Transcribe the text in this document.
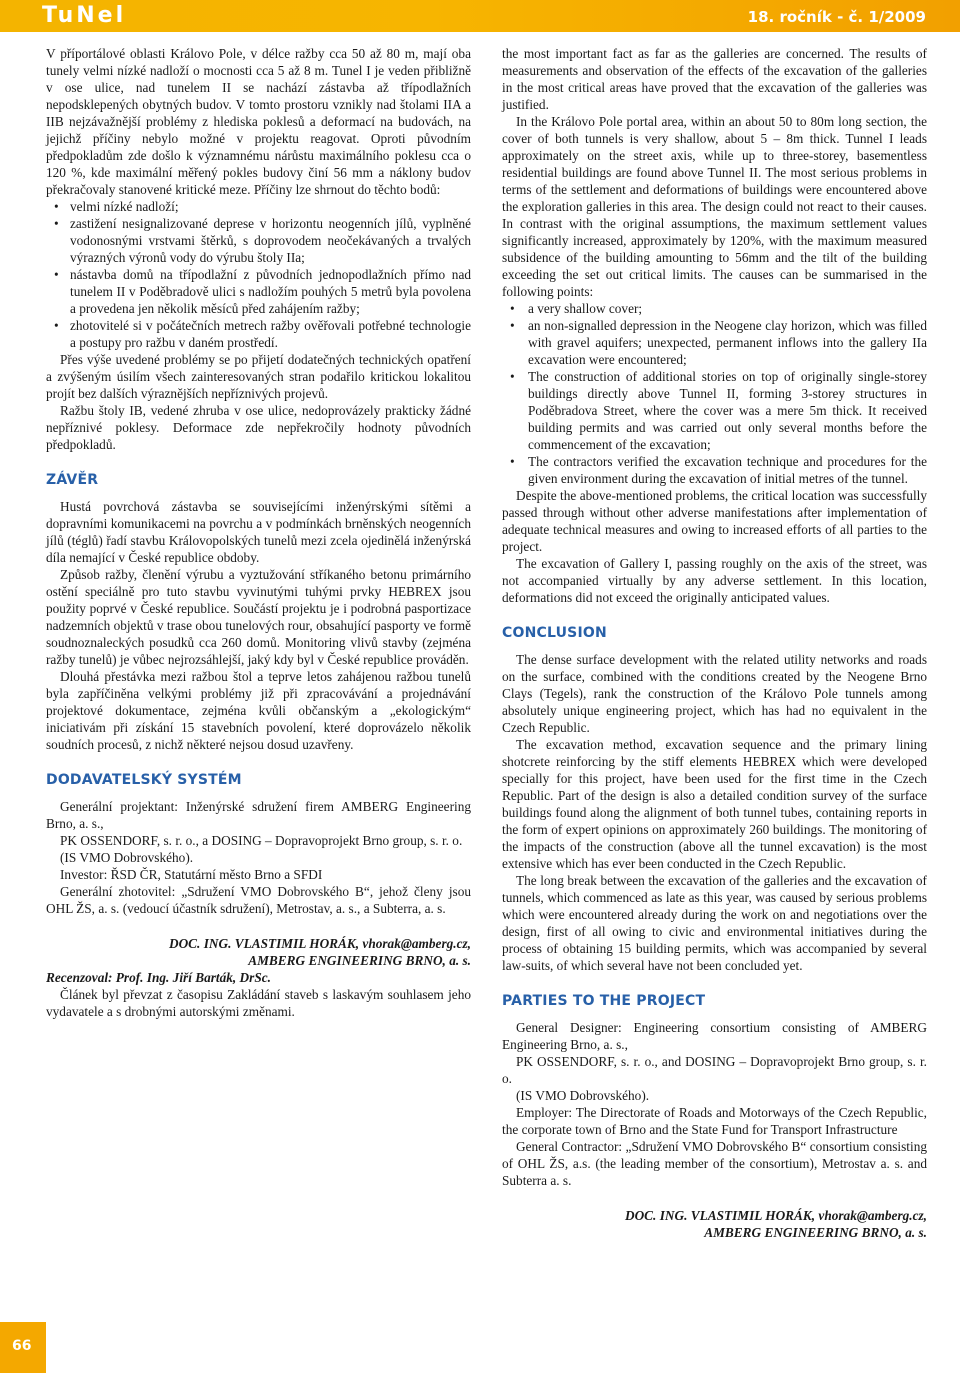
TuNel	18. ročník - č. 1/2009

V příportálové oblasti Královo Pole, v délce ražby cca 50 až 80 m, mají oba tunely velmi nízké nadloží o mocnosti cca 5 až 8 m. Tunel I je veden přibližně v ose ulice, nad tunelem II se nachází zástavba až třípodlažních nepodsklepených obytných budov. V tomto prostoru vznikly nad štolami IIA a IIB nejzávažnější problémy z hlediska poklesů a deformací na budovách, na jejichž příčiny nebylo možné v projektu reagovat. Oproti původním předpokladům zde došlo k významnému nárůstu maximálního poklesu cca o 120 %, kde maximální měřený pokles budovy činí 56 mm a náklony budov překračovaly stanovené kritické meze. Příčiny lze shrnout do těchto bodů:

• velmi nízké nadloží;
• zastižení nesignalizované deprese v horizontu neogenních jílů, vyplněné vodonosnými vrstvami štěrků, s doprovodem neočekávaných a trvalých výrazných výronů vody do výrubu štoly IIa;
• nástavba domů na třípodlažní z původních jednopodlažních přímo nad tunelem II v Poděbradově ulici s nadložím pouhých 5 metrů byla povolena a provedena jen několik měsíců před zahájením ražby;
• zhotovitelé si v počátečních metrech ražby ověřovali potřebné technologie a postupy pro ražbu v daném prostředí.

Přes výše uvedené problémy se po přijetí dodatečných technických opatření a zvýšeným úsilím všech zainteresovaných stran podařilo kritickou lokalitou projít bez dalších výraznějších nepříznivých projevů.

Ražbu štoly IB, vedené zhruba v ose ulice, nedoprovázely prakticky žádné nepříznivé poklesy. Deformace zde nepřekročily hodnoty původních předpokladů.

ZÁVĚR

Hustá povrchová zástavba se souvisejícími inženýrskými sítěmi a dopravními komunikacemi na povrchu a v podmínkách brněnských neogenních jílů (téglů) řadí stavbu Královopolských tunelů mezi zcela ojedinělá inženýrská díla nemající v České republice obdoby.

Způsob ražby, členění výrubu a vyztužování stříkaného betonu primárního ostění speciálně pro tuto stavbu vyvinutými tuhými prvky HEBREX jsou použity poprvé v České republice. Součástí projektu je i podrobná pasportizace nadzemních objektů v trase obou tunelových rour, obsahující pasporty ve formě soudnoznaleckých posudků cca 260 domů. Monitoring vlivů stavby (zejména ražby tunelů) je vůbec nejrozsáhlejší, jaký kdy byl v České republice prováděn.

Dlouhá přestávka mezi ražbou štol a teprve letos zahájenou ražbou tunelů byla zapříčiněna velkými problémy již při zpracovávání a projednávání projektové dokumentace, zejména kvůli občanským a „ekologickým“ iniciativám při získání 15 stavebních povolení, které doprovázelo několik soudních procesů, z nichž některé nejsou dosud uzavřeny.

DODAVATELSKÝ SYSTÉM

Generální projektant: Inženýrské sdružení firem AMBERG Engineering Brno, a. s.,

PK OSSENDORF, s. r. o., a DOSING – Dopravoprojekt Brno group, s. r. o.

(IS VMO Dobrovského).

Investor: ŘSD ČR, Statutární město Brno a SFDI

Generální zhotovitel: „Sdružení VMO Dobrovského B“, jehož členy jsou OHL ŽS, a. s. (vedoucí účastník sdružení), Metrostav, a. s., a Subterra, a. s.

DOC. ING. VLASTIMIL HORÁK, vhorak@amberg.cz,
AMBERG ENGINEERING BRNO, a. s.

Recenzoval: Prof. Ing. Jiří Barták, DrSc.

Článek byl převzat z časopisu Zakládání staveb s laskavým souhlasem jeho vydavatele a s drobnými autorskými změnami.

the most important fact as far as the galleries are concerned. The results of measurements and observation of the effects of the excavation of the galleries in the most critical areas have proved that the excavation of the galleries was justified.

In the Královo Pole portal area, within an about 50 to 80m long section, the cover of both tunnels is very shallow, about 5 – 8m thick. Tunnel I leads approximately on the street axis, while up to three-storey, basementless residential buildings are found above Tunnel II. The most serious problems in terms of the settlement and deformations of buildings were encountered above the exploration galleries in this area. The design could not react to their causes. In contrast with the original assumptions, the maximum settlement values significantly increased, approximately by 120%, with the maximum measured subsidence of the building amounting to 56mm and the tilt of the building exceeding the set out critical limits. The causes can be summarised in the following points:

• a very shallow cover;
• an non-signalled depression in the Neogene clay horizon, which was filled with gravel aquifers; unexpected, permanent inflows into the gallery IIa excavation were encountered;
• The construction of additional stories on top of originally single-storey buildings directly above Tunnel II, forming 3-storey structures in Poděbradova Street, where the cover was a mere 5m thick. It received building permits and was carried out only several months before the commencement of the excavation;
• The contractors verified the excavation technique and procedures for the given environment during the excavation of initial metres of the tunnel.

Despite the above-mentioned problems, the critical location was successfully passed through without other adverse manifestations after implementation of adequate technical measures and owing to increased efforts of all parties to the project.

The excavation of Gallery I, passing roughly on the axis of the street, was not accompanied virtually by any adverse settlement. In this location, deformations did not exceed the originally anticipated values.

CONCLUSION

The dense surface development with the related utility networks and roads on the surface, combined with the conditions created by the Neogene Brno Clays (Tegels), rank the construction of the Královo Pole tunnels among absolutely unique engineering project, which has had no equivalent in the Czech Republic.

The excavation method, excavation sequence and the primary lining shotcrete reinforcing by the stiff elements HEBREX which were developed specially for this project, have been used for the first time in the Czech Republic. Part of the design is also a detailed condition survey of the surface buildings found along the alignment of both tunnel tubes, containing reports in the form of expert opinions on approximately 260 buildings. The monitoring of the impacts of the construction (above all the tunnel excavation) is the most extensive which has ever been conducted in the Czech Republic.

The long break between the excavation of the galleries and the excavation of tunnels, which commenced as late as this year, was caused by serious problems which were encountered already during the work on and negotiations over the design, first of all owing to civic and environmental initiatives during the process of obtaining 15 building permits, which was accompanied by several law-suits, of which several have not been concluded yet.

PARTIES TO THE PROJECT

General Designer: Engineering consortium consisting of AMBERG Engineering Brno, a. s.,

PK OSSENDORF, s. r. o., and DOSING – Dopravoprojekt Brno group, s. r. o.

(IS VMO Dobrovského).

Employer: The Directorate of Roads and Motorways of the Czech Republic, the corporate town of Brno and the State Fund for Transport Infrastructure

General Contractor: „Sdružení VMO Dobrovského B“ consortium consisting of OHL ŽS, a.s. (the leading member of the consortium), Metrostav a. s. and Subterra a. s.

DOC. ING. VLASTIMIL HORÁK, vhorak@amberg.cz,
AMBERG ENGINEERING BRNO, a. s.
66
